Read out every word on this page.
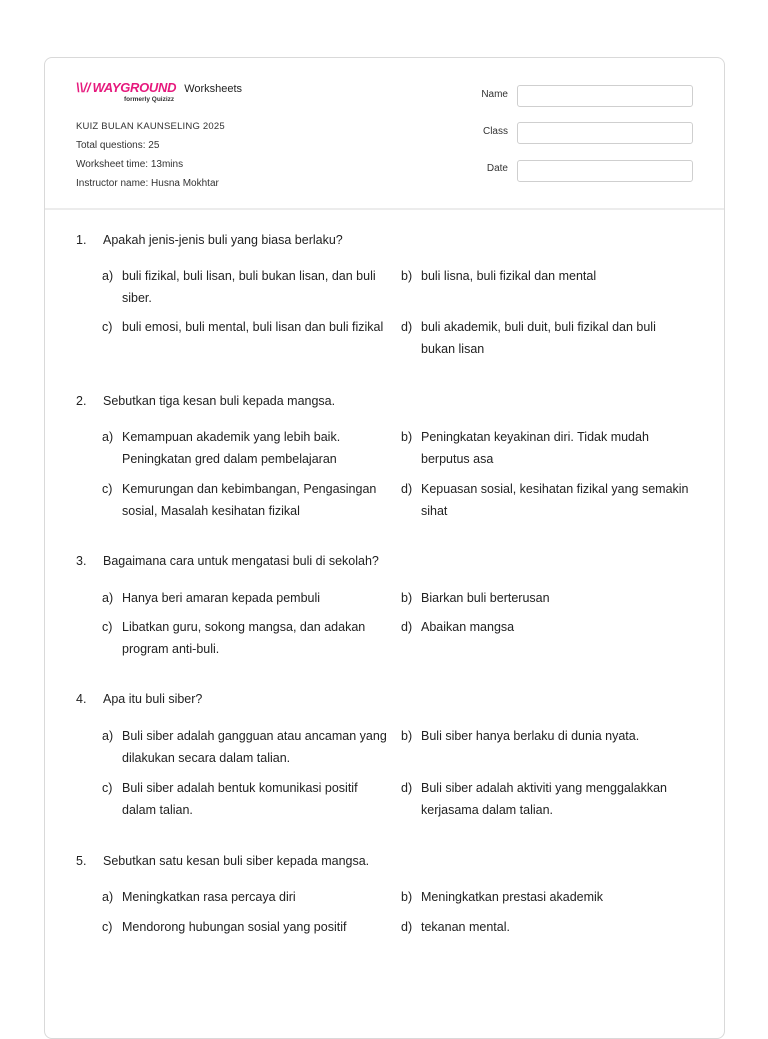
\\// WAYGROUND
formerly Quizizz
Worksheets
KUIZ BULAN KAUNSELING 2025
Total questions: 25
Worksheet time: 13mins
Instructor name: Husna Mokhtar
Name
Class
Date
1.	Apakah jenis-jenis buli yang biasa berlaku?
a) buli fizikal, buli lisan, buli bukan lisan, dan buli siber.
b) buli lisna, buli fizikal dan mental
c) buli emosi, buli mental, buli lisan dan buli fizikal	d) buli akademik, buli duit, buli fizikal dan buli bukan lisan
2.	Sebutkan tiga kesan buli kepada mangsa.
a) Kemampuan akademik yang lebih baik. Peningkatan gred dalam pembelajaran
b) Peningkatan keyakinan diri. Tidak mudah berputus asa
c) Kemurungan dan kebimbangan, Pengasingan sosial, Masalah kesihatan fizikal
d) Kepuasan sosial, kesihatan fizikal yang semakin sihat
3.	Bagaimana cara untuk mengatasi buli di sekolah?
a) Hanya beri amaran kepada pembuli	b) Biarkan buli berterusan
c) Libatkan guru, sokong mangsa, dan adakan program anti-buli.
d) Abaikan mangsa
4.	Apa itu buli siber?
a) Buli siber adalah gangguan atau ancaman yang dilakukan secara dalam talian.
b) Buli siber hanya berlaku di dunia nyata.
c) Buli siber adalah bentuk komunikasi positif dalam talian.
d) Buli siber adalah aktiviti yang menggalakkan kerjasama dalam talian.
5.	Sebutkan satu kesan buli siber kepada mangsa.
a) Meningkatkan rasa percaya diri	b) Meningkatkan prestasi akademik
c) Mendorong hubungan sosial yang positif	d) tekanan mental.
